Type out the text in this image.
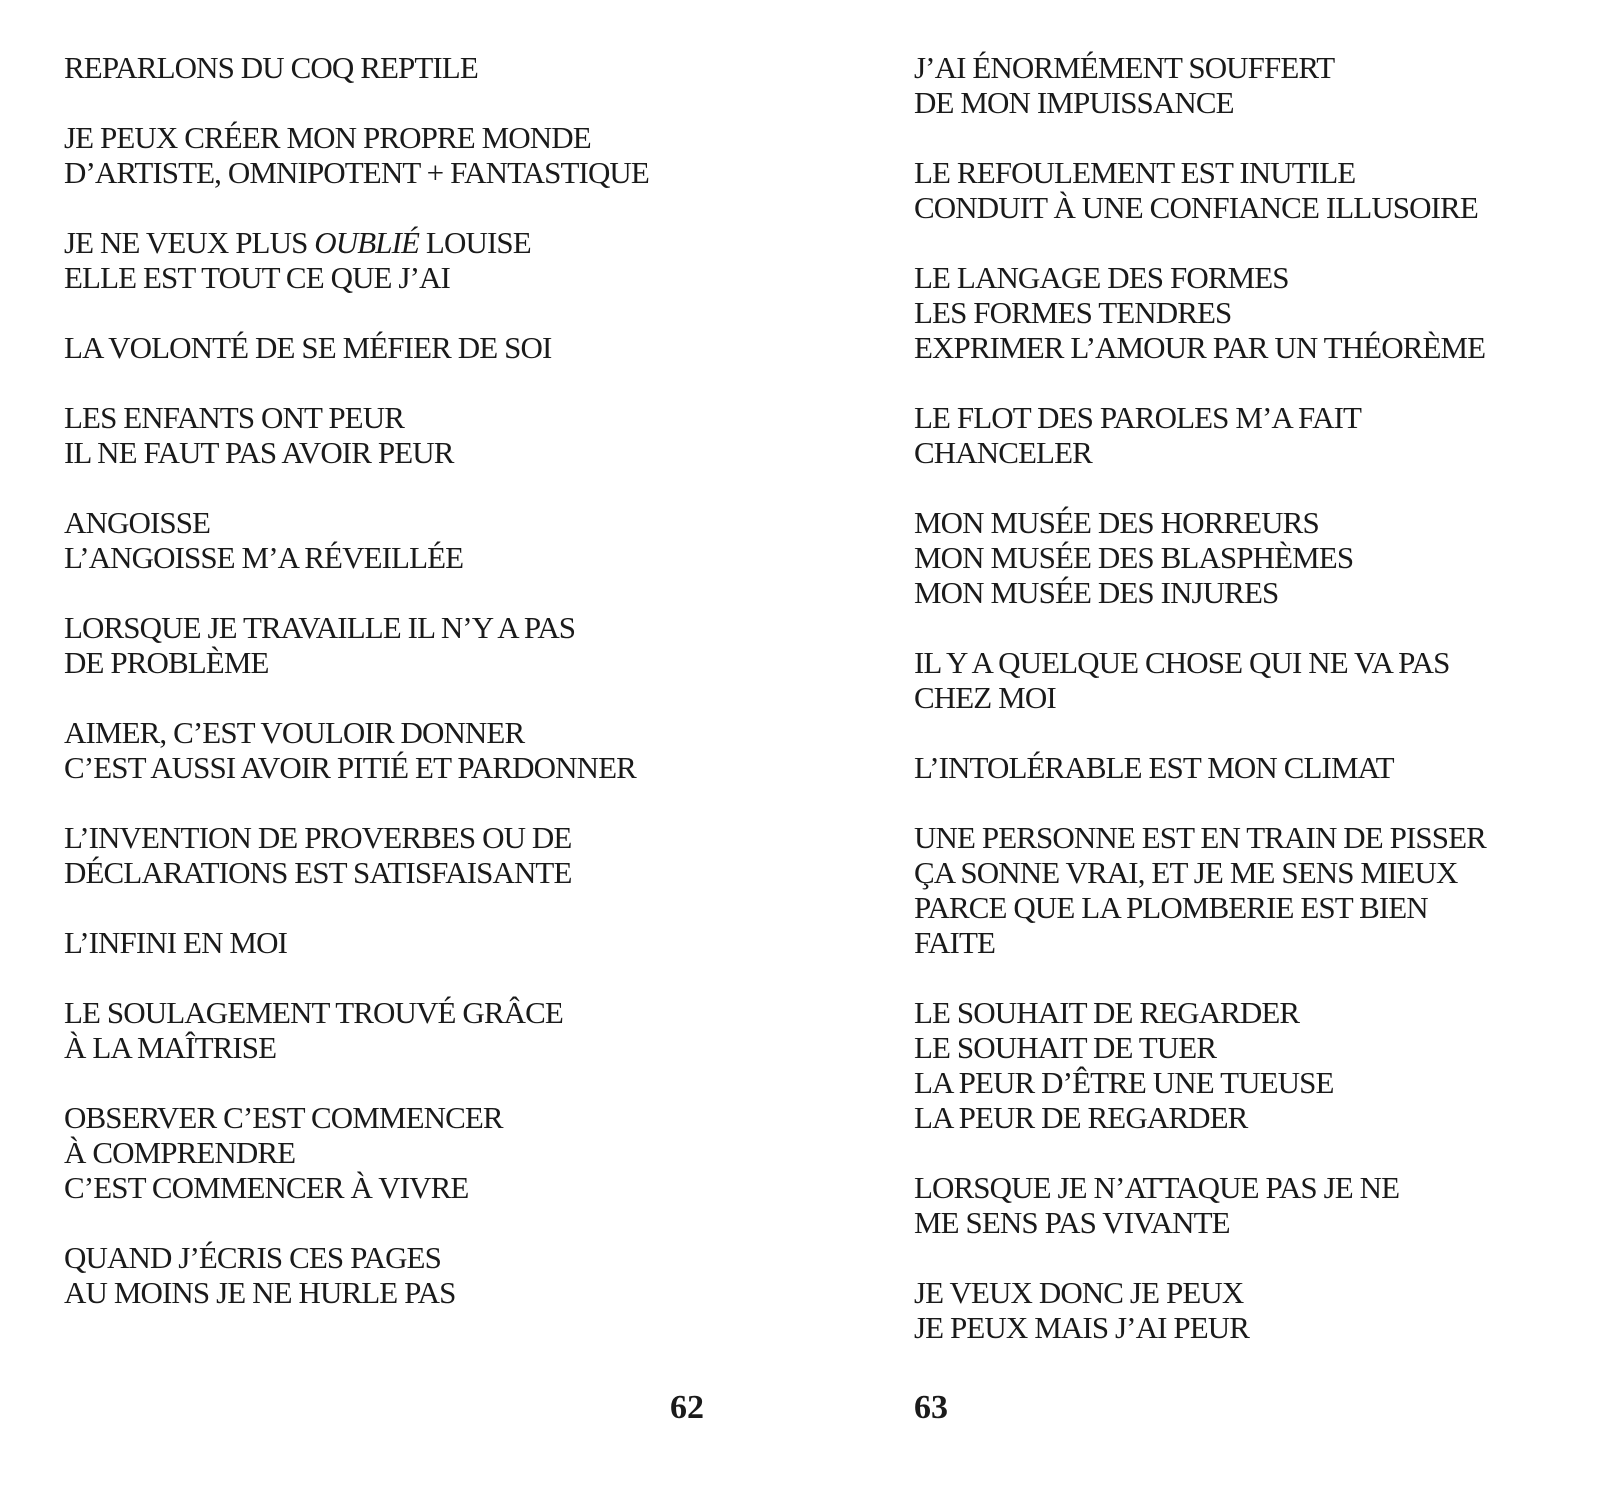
REPARLONS DU COQ REPTILE
JE PEUX CRÉER MON PROPRE MONDE
D’ARTISTE, OMNIPOTENT + FANTASTIQUE
JE NE VEUX PLUS OUBLIÉ LOUISE
ELLE EST TOUT CE QUE J’AI
LA VOLONTÉ DE SE MÉFIER DE SOI
LES ENFANTS ONT PEUR
IL NE FAUT PAS AVOIR PEUR
ANGOISSE
L’ANGOISSE M’A RÉVEILLÉE
LORSQUE JE TRAVAILLE IL N’Y A PAS
DE PROBLÈME
AIMER, C’EST VOULOIR DONNER
C’EST AUSSI AVOIR PITIÉ ET PARDONNER
L’INVENTION DE PROVERBES OU DE
DÉCLARATIONS EST SATISFAISANTE
L’INFINI EN MOI
LE SOULAGEMENT TROUVÉ GRÂCE
À LA MAÎTRISE
OBSERVER C’EST COMMENCER
À COMPRENDRE
C’EST COMMENCER À VIVRE
QUAND J’ÉCRIS CES PAGES
AU MOINS JE NE HURLE PAS
62
J’AI ÉNORMÉMENT SOUFFERT
DE MON IMPUISSANCE
LE REFOULEMENT EST INUTILE
CONDUIT À UNE CONFIANCE ILLUSOIRE
LE LANGAGE DES FORMES
LES FORMES TENDRES
EXPRIMER L’AMOUR PAR UN THÉORÈME
LE FLOT DES PAROLES M’A FAIT
CHANCELER
MON MUSÉE DES HORREURS
MON MUSÉE DES BLASPHÈMES
MON MUSÉE DES INJURES
IL Y A QUELQUE CHOSE QUI NE VA PAS
CHEZ MOI
L’INTOLÉRABLE EST MON CLIMAT
UNE PERSONNE EST EN TRAIN DE PISSER
ÇA SONNE VRAI, ET JE ME SENS MIEUX
PARCE QUE LA PLOMBERIE EST BIEN
FAITE
LE SOUHAIT DE REGARDER
LE SOUHAIT DE TUER
LA PEUR D’ÊTRE UNE TUEUSE
LA PEUR DE REGARDER
LORSQUE JE N’ATTAQUE PAS JE NE
ME SENS PAS VIVANTE
JE VEUX DONC JE PEUX
JE PEUX MAIS J’AI PEUR
63
